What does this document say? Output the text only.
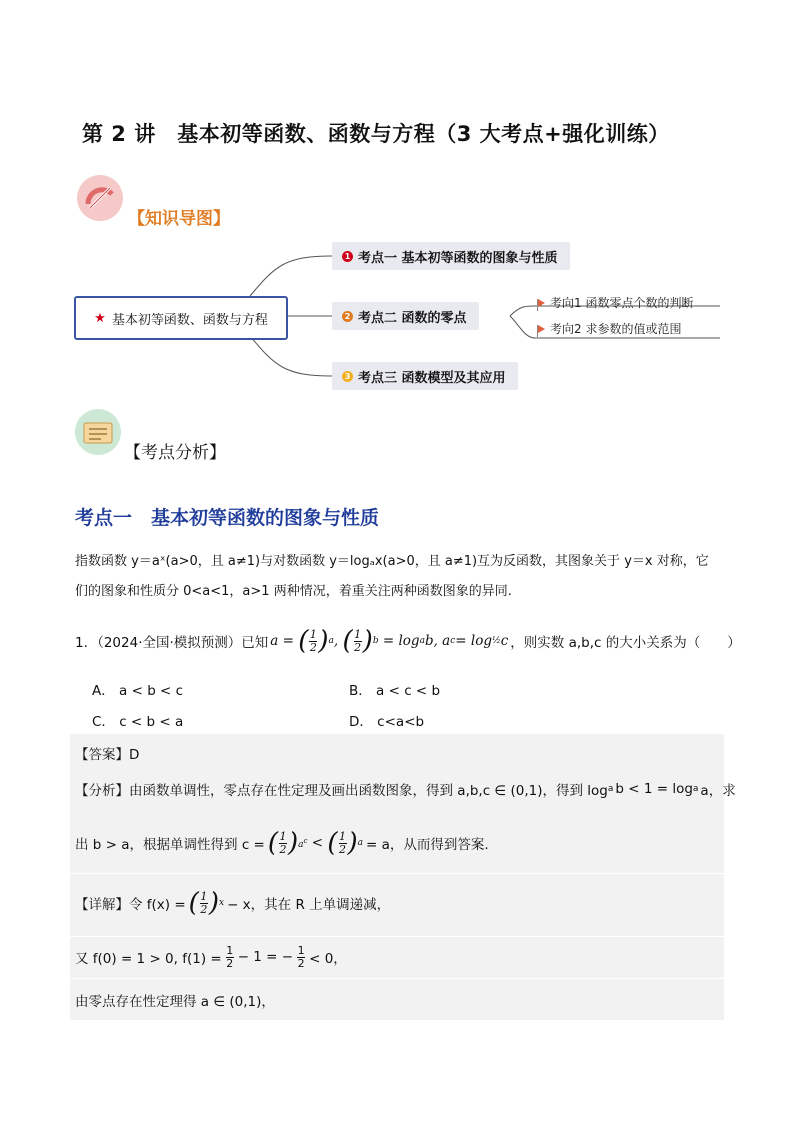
第 2 讲　基本初等函数、函数与方程（3 大考点+强化训练）
【知识导图】
★ 基本初等函数、函数与方程
1 考点一 基本初等函数的图象与性质
2 考点二 函数的零点
3 考点三 函数模型及其应用
考向1 函数零点个数的判断
考向2 求参数的值或范围
【考点分析】
考点一　基本初等函数的图象与性质
指数函数 y＝aˣ(a>0，且 a≠1)与对数函数 y＝logₐx(a>0，且 a≠1)互为反函数，其图象关于 y＝x 对称，它
们的图象和性质分 0<a<1，a>1 两种情况，着重关注两种函数图象的异同.
1．（2024·全国·模拟预测）已知 a = ( $\frac{1}{2}$ ) a , ( $\frac{1}{2}$ ) b = log a b, a c = log ½ c ，则实数 a,b,c 的大小关系为（　　）
A． a < b < c	B． a < c < b
C． c < b < a	D． c<a<b
【答案】D
【分析】由函数单调性，零点存在性定理及画出函数图象，得到 a,b,c ∈ (0,1)，得到 log a b < 1 = log a a，求
出 b > a，根据单调性得到 c = ( $\frac{1}{2}$ ) $a^c$ < ( $\frac{1}{2}$ ) a = a，从而得到答案.
【详解】令 f(x) = ( $\frac{1}{2}$ ) x − x，其在 R 上单调递减，
又 f(0) = 1 > 0, $f(1) = \frac{1}{2} - 1$ = − $\frac{1}{2} < 0$，
由零点存在性定理得 a ∈ (0,1)，
